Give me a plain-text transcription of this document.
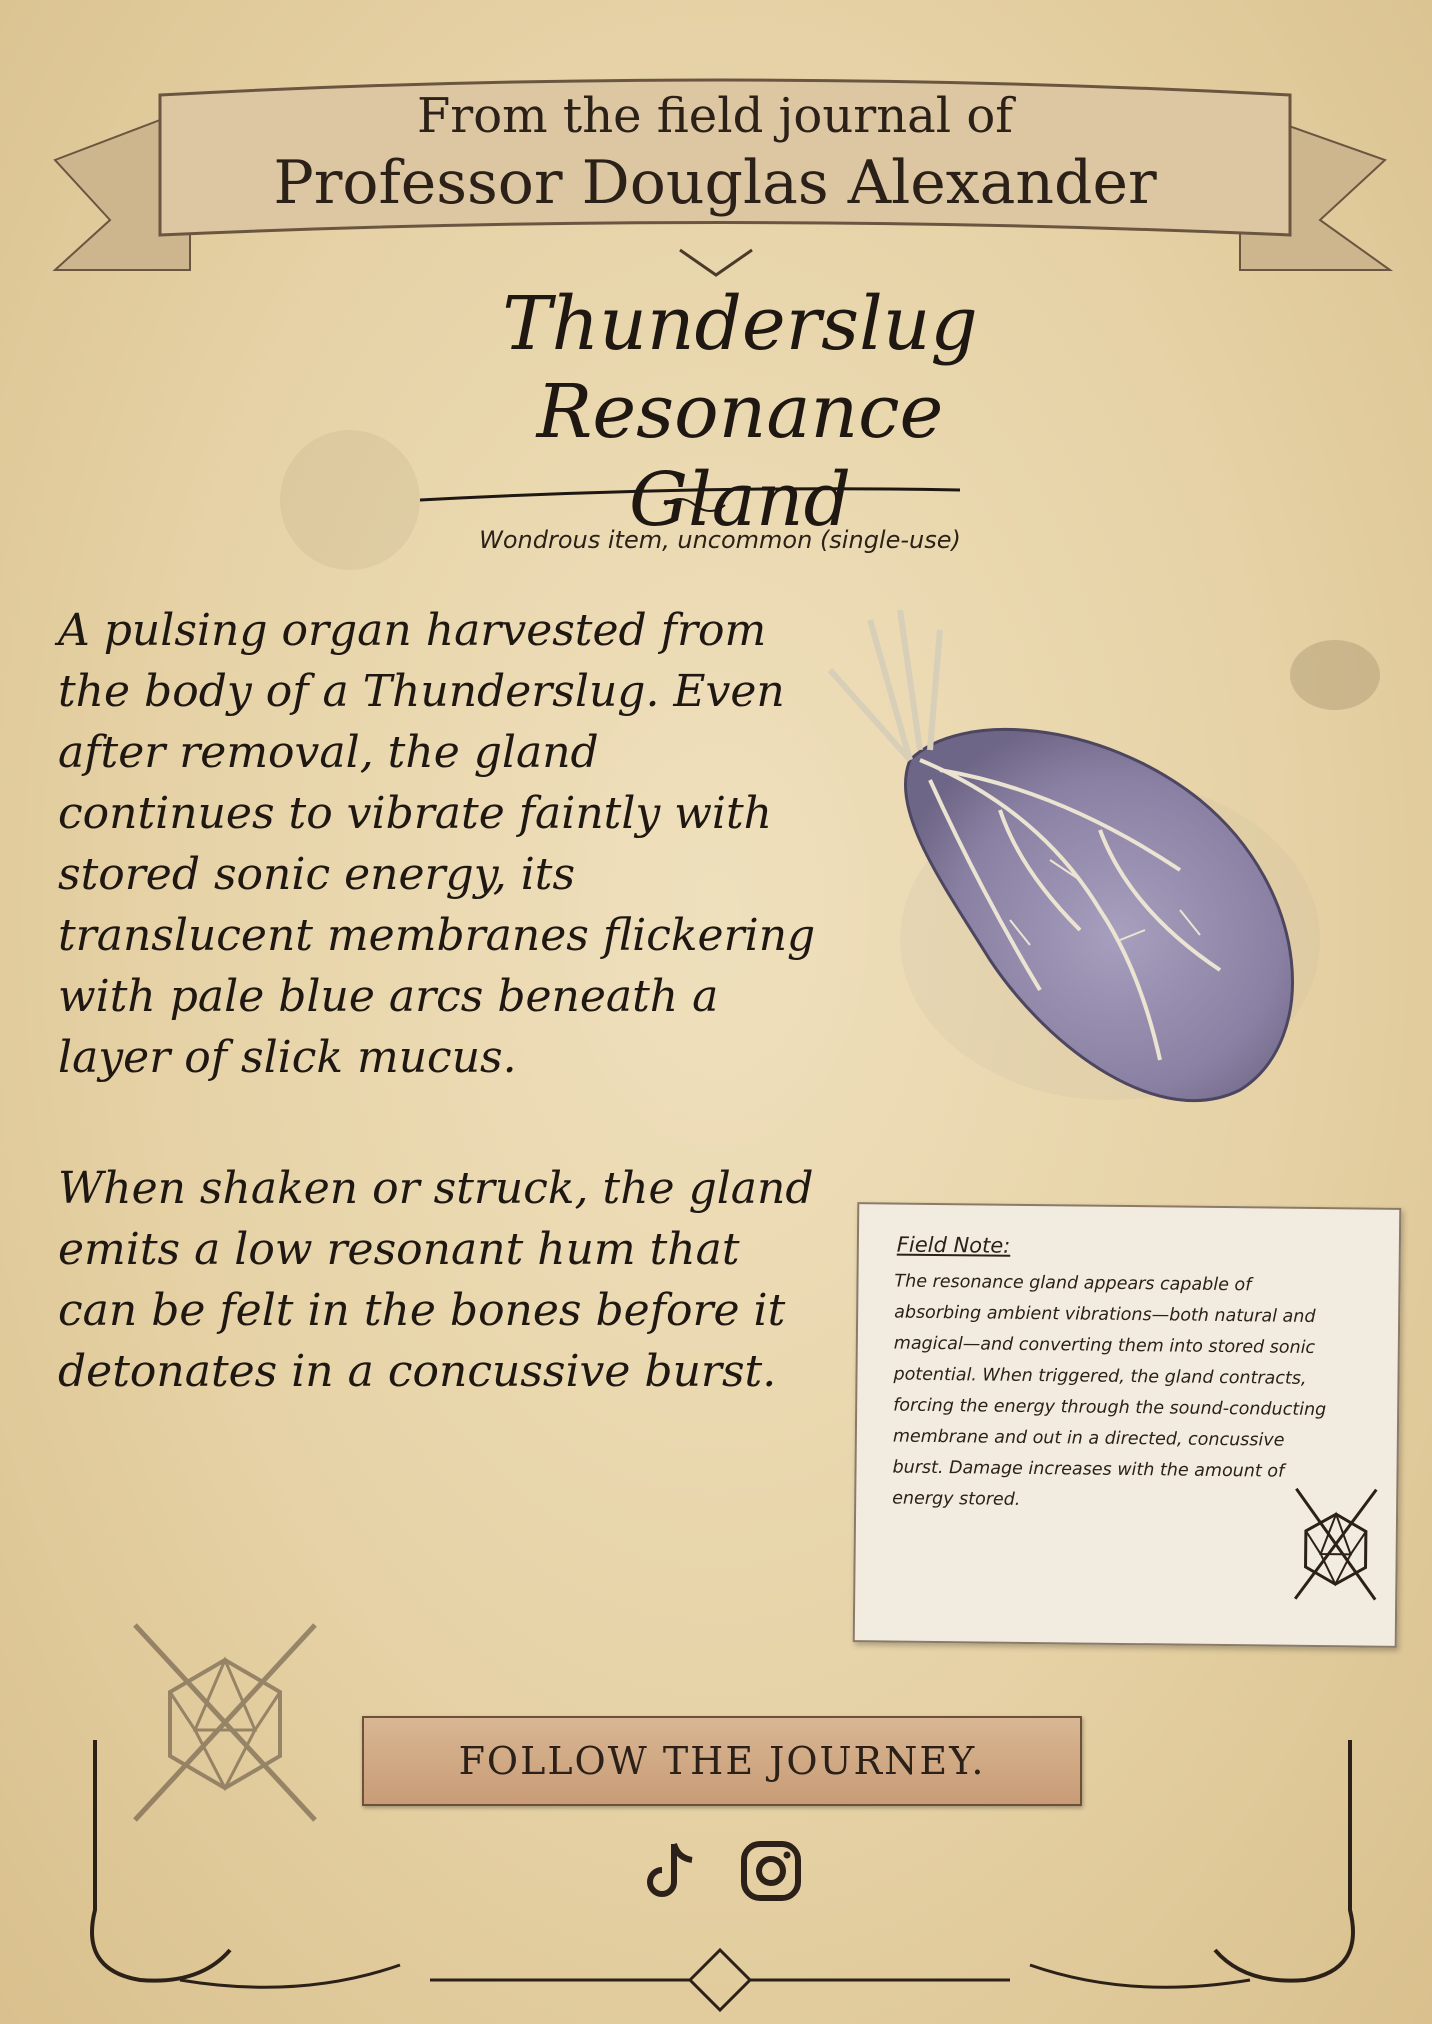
From the field journal of
Professor Douglas Alexander
Thunderslug Resonance
Gland
Wondrous item, uncommon (single-use)

A pulsing organ harvested from the body of a Thunderslug. Even after removal, the gland continues to vibrate faintly with stored sonic energy, its translucent membranes flickering with pale blue arcs beneath a layer of slick mucus.

When shaken or struck, the gland emits a low resonant hum that can be felt in the bones before it detonates in a concussive burst.

Field Note:
The resonance gland appears capable of absorbing ambient vibrations—both natural and magical—and converting them into stored sonic potential. When triggered, the gland contracts, forcing the energy through the sound-conducting membrane and out in a directed, concussive burst. Damage increases with the amount of energy stored.
FOLLOW THE JOURNEY.
